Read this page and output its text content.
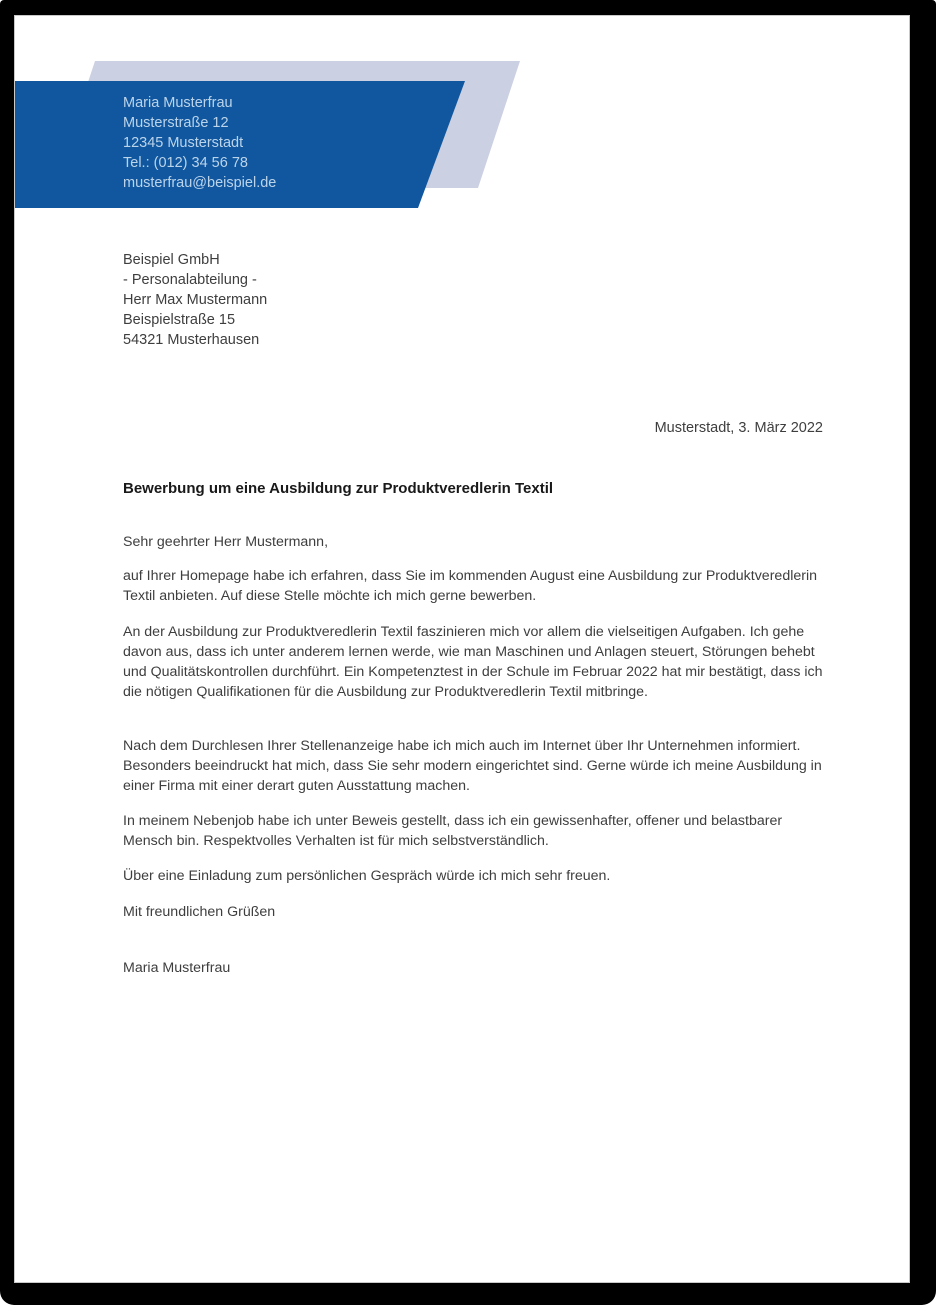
Maria Musterfrau
Musterstraße 12
12345 Musterstadt
Tel.: (012) 34 56 78
musterfrau@beispiel.de
Beispiel GmbH
- Personalabteilung -
Herr Max Mustermann
Beispielstraße 15
54321 Musterhausen
Musterstadt, 3. März 2022
Bewerbung um eine Ausbildung zur Produktveredlerin Textil
Sehr geehrter Herr Mustermann,
auf Ihrer Homepage habe ich erfahren, dass Sie im kommenden August eine Ausbildung zur Produktveredlerin Textil anbieten. Auf diese Stelle möchte ich mich gerne bewerben.
An der Ausbildung zur Produktveredlerin Textil faszinieren mich vor allem die vielseitigen Aufgaben. Ich gehe davon aus, dass ich unter anderem lernen werde, wie man Maschinen und Anlagen steuert, Störungen behebt und Qualitätskontrollen durchführt. Ein Kompetenztest in der Schule im Februar 2022 hat mir bestätigt, dass ich die nötigen Qualifikationen für die Ausbildung zur Produktveredlerin Textil mitbringe.
Nach dem Durchlesen Ihrer Stellenanzeige habe ich mich auch im Internet über Ihr Unternehmen informiert. Besonders beeindruckt hat mich, dass Sie sehr modern eingerichtet sind. Gerne würde ich meine Ausbildung in einer Firma mit einer derart guten Ausstattung machen.
In meinem Nebenjob habe ich unter Beweis gestellt, dass ich ein gewissenhafter, offener und belastbarer Mensch bin. Respektvolles Verhalten ist für mich selbstverständlich.
Über eine Einladung zum persönlichen Gespräch würde ich mich sehr freuen.
Mit freundlichen Grüßen
Maria Musterfrau
